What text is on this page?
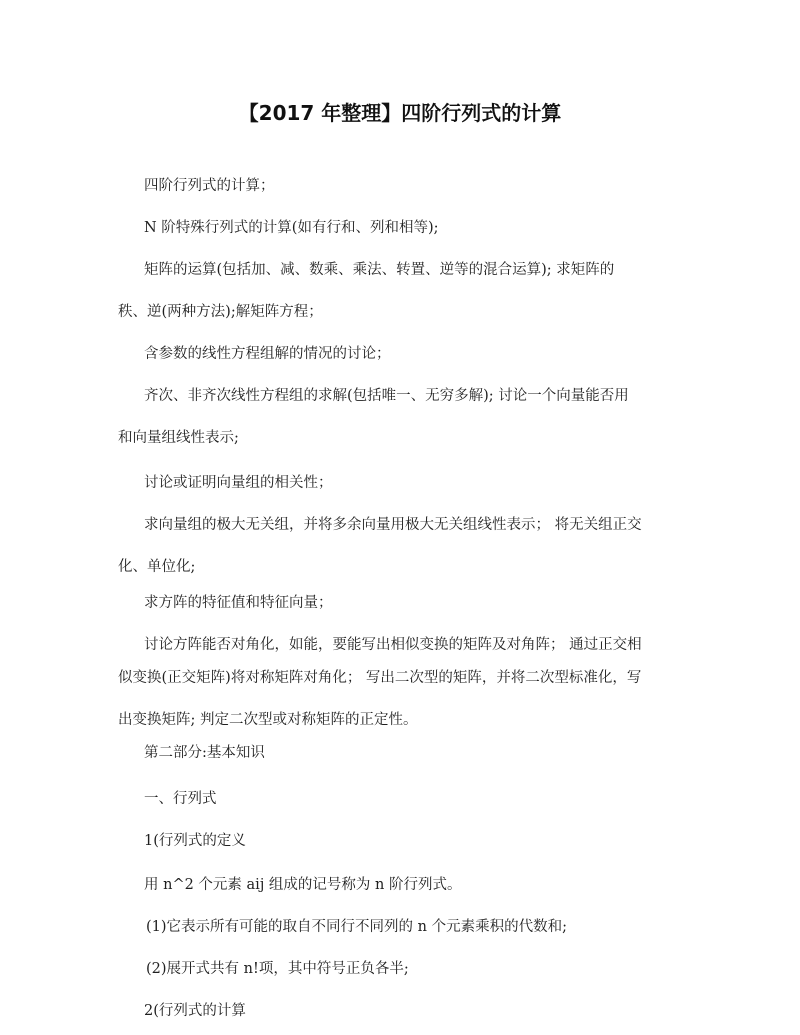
【2017 年整理】四阶行列式的计算
四阶行列式的计算；
N 阶特殊行列式的计算(如有行和、列和相等);
矩阵的运算(包括加、减、数乘、乘法、转置、逆等的混合运算); 求矩阵的
秩、逆(两种方法);解矩阵方程；
含参数的线性方程组解的情况的讨论；
齐次、非齐次线性方程组的求解(包括唯一、无穷多解); 讨论一个向量能否用
和向量组线性表示;
讨论或证明向量组的相关性；
求向量组的极大无关组，并将多余向量用极大无关组线性表示； 将无关组正交
化、单位化;
求方阵的特征值和特征向量；
讨论方阵能否对角化，如能，要能写出相似变换的矩阵及对角阵； 通过正交相
似变换(正交矩阵)将对称矩阵对角化； 写出二次型的矩阵，并将二次型标准化，写
出变换矩阵; 判定二次型或对称矩阵的正定性。
第二部分:基本知识
一、行列式
1(行列式的定义
用 n^2 个元素 aij 组成的记号称为 n 阶行列式。
(1)它表示所有可能的取自不同行不同列的 n 个元素乘积的代数和;
(2)展开式共有 n!项，其中符号正负各半;
2(行列式的计算
